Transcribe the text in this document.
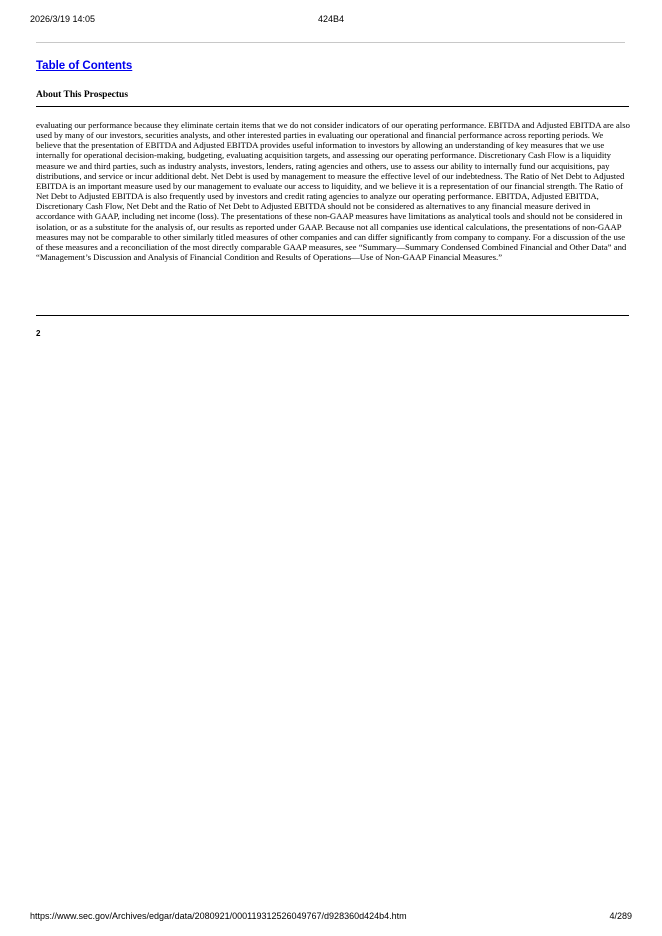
2026/3/19 14:05	424B4
Table of Contents
About This Prospectus

evaluating our performance because they eliminate certain items that we do not consider indicators of our operating performance. EBITDA and Adjusted EBITDA are also used by many of our investors, securities analysts, and other interested parties in evaluating our operational and financial performance across reporting periods. We believe that the presentation of EBITDA and Adjusted EBITDA provides useful information to investors by allowing an understanding of key measures that we use internally for operational decision-making, budgeting, evaluating acquisition targets, and assessing our operating performance. Discretionary Cash Flow is a liquidity measure we and third parties, such as industry analysts, investors, lenders, rating agencies and others, use to assess our ability to internally fund our acquisitions, pay distributions, and service or incur additional debt. Net Debt is used by management to measure the effective level of our indebtedness. The Ratio of Net Debt to Adjusted EBITDA is an important measure used by our management to evaluate our access to liquidity, and we believe it is a representation of our financial strength. The Ratio of Net Debt to Adjusted EBITDA is also frequently used by investors and credit rating agencies to analyze our operating performance. EBITDA, Adjusted EBITDA, Discretionary Cash Flow, Net Debt and the Ratio of Net Debt to Adjusted EBITDA should not be considered as alternatives to any financial measure derived in accordance with GAAP, including net income (loss). The presentations of these non-GAAP measures have limitations as analytical tools and should not be considered in isolation, or as a substitute for the analysis of, our results as reported under GAAP. Because not all companies use identical calculations, the presentations of non-GAAP measures may not be comparable to other similarly titled measures of other companies and can differ significantly from company to company. For a discussion of the use of these measures and a reconciliation of the most directly comparable GAAP measures, see “Summary—Summary Condensed Combined Financial and Other Data” and “Management’s Discussion and Analysis of Financial Condition and Results of Operations—Use of Non-GAAP Financial Measures.”

2
https://www.sec.gov/Archives/edgar/data/2080921/000119312526049767/d928360d424b4.htm	4/289
